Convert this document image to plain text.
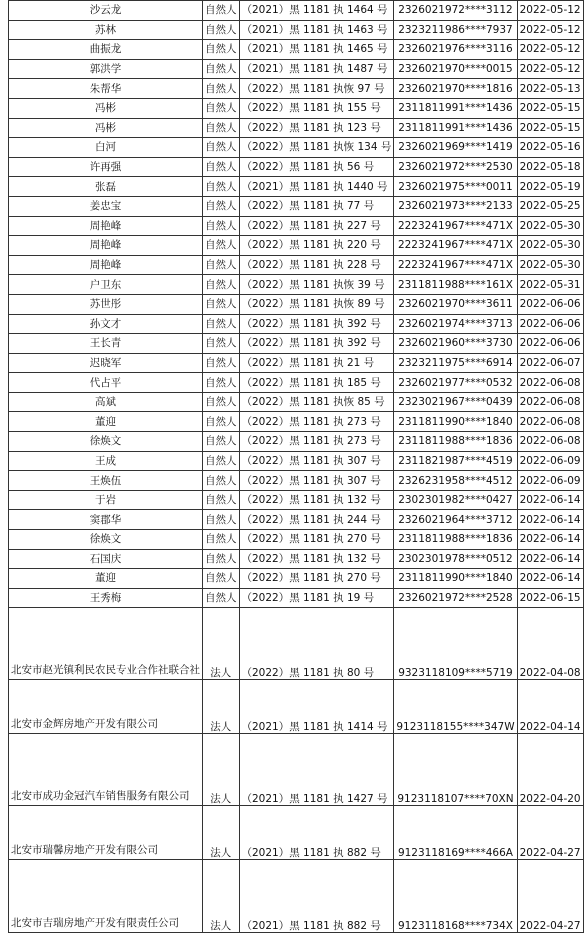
沙云龙	自然人	（2021）黑 1181 执 1464 号	2326021972****3112	2022-05-12
苏林	自然人	（2021）黑 1181 执 1463 号	2323211986****7937	2022-05-12
曲振龙	自然人	（2021）黑 1181 执 1465 号	2326021976****3116	2022-05-12
郭洪学	自然人	（2021）黑 1181 执 1487 号	2326021970****0015	2022-05-12
朱帮华	自然人	（2022）黑 1181 执恢 97 号	2326021970****1816	2022-05-13
冯彬	自然人	（2022）黑 1181 执 155 号	2311811991****1436	2022-05-15
冯彬	自然人	（2022）黑 1181 执 123 号	2311811991****1436	2022-05-15
白河	自然人	（2022）黑 1181 执恢 134 号	2326021969****1419	2022-05-16
许再强	自然人	（2022）黑 1181 执 56 号	2326021972****2530	2022-05-18
张磊	自然人	（2021）黑 1181 执 1440 号	2326021975****0011	2022-05-19
姜忠宝	自然人	（2022）黑 1181 执 77 号	2326021973****2133	2022-05-25
周艳峰	自然人	（2022）黑 1181 执 227 号	2223241967****471X	2022-05-30
周艳峰	自然人	（2022）黑 1181 执 220 号	2223241967****471X	2022-05-30
周艳峰	自然人	（2022）黑 1181 执 228 号	2223241967****471X	2022-05-30
户卫东	自然人	（2022）黑 1181 执恢 39 号	2311811988****161X	2022-05-31
苏世彤	自然人	（2022）黑 1181 执恢 89 号	2326021970****3611	2022-06-06
孙文才	自然人	（2022）黑 1181 执 392 号	2326021974****3713	2022-06-06
王长青	自然人	（2022）黑 1181 执 392 号	2326021960****3730	2022-06-06
迟晓军	自然人	（2022）黑 1181 执 21 号	2323211975****6914	2022-06-07
代占平	自然人	（2022）黑 1181 执 185 号	2326021977****0532	2022-06-08
高斌	自然人	（2022）黑 1181 执恢 85 号	2323021967****0439	2022-06-08
董迎	自然人	（2022）黑 1181 执 273 号	2311811990****1840	2022-06-08
徐焕文	自然人	（2022）黑 1181 执 273 号	2311811988****1836	2022-06-08
王成	自然人	（2022）黑 1181 执 307 号	2311821987****4519	2022-06-09
王焕伍	自然人	（2022）黑 1181 执 307 号	2326231958****4512	2022-06-09
于岩	自然人	（2022）黑 1181 执 132 号	2302301982****0427	2022-06-14
窦郡华	自然人	（2022）黑 1181 执 244 号	2326021964****3712	2022-06-14
徐焕文	自然人	（2022）黑 1181 执 270 号	2311811988****1836	2022-06-14
石国庆	自然人	（2022）黑 1181 执 132 号	2302301978****0512	2022-06-14
董迎	自然人	（2022）黑 1181 执 270 号	2311811990****1840	2022-06-14
王秀梅	自然人	（2022）黑 1181 执 19 号	2326021972****2528	2022-06-15
北安市赵光镇利民农民专业合作社联合社	法人	（2022）黑 1181 执 80 号	9323118109****5719	2022-04-08
北安市金辉房地产开发有限公司	法人	（2021）黑 1181 执 1414 号	9123118155****347W	2022-04-14
北安市成功金冠汽车销售服务有限公司	法人	（2021）黑 1181 执 1427 号	9123118107****70XN	2022-04-20
北安市瑞馨房地产开发有限公司	法人	（2021）黑 1181 执 882 号	9123118169****466A	2022-04-27
北安市吉瑞房地产开发有限责任公司	法人	（2021）黑 1181 执 882 号	9123118168****734X	2022-04-27
